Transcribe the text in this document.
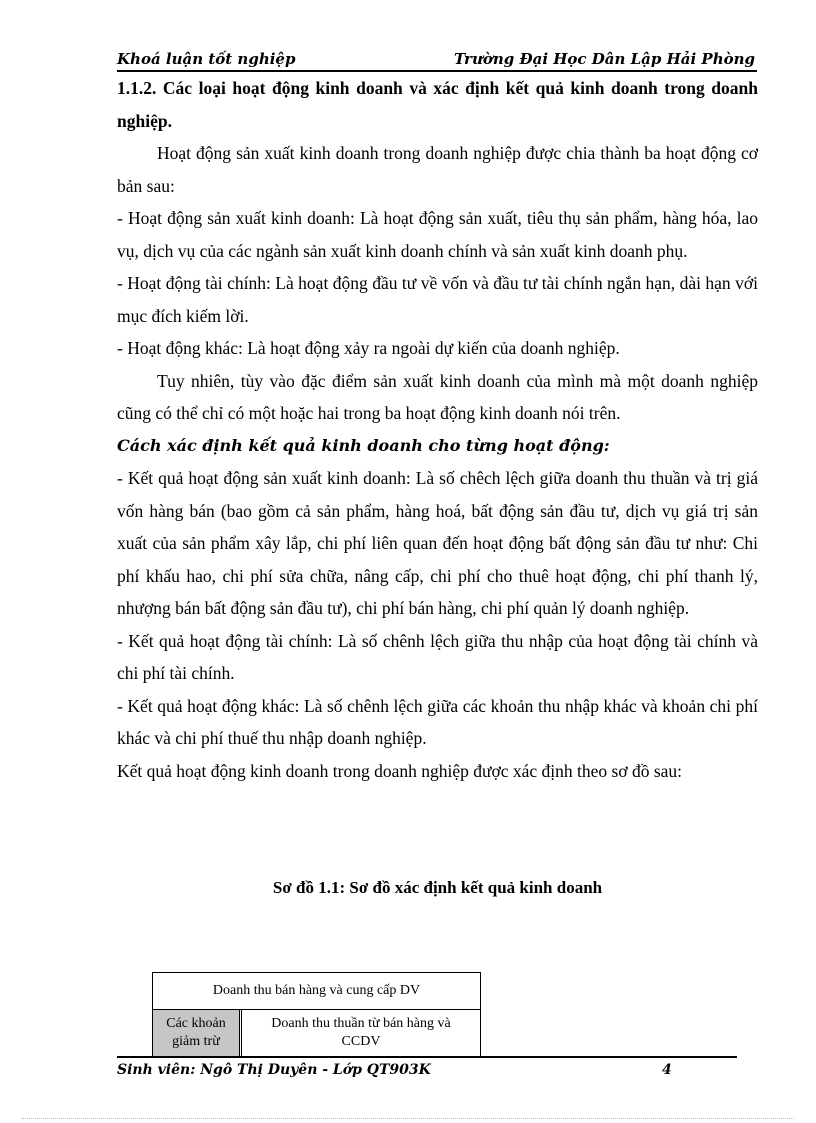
Khoá luận tốt nghiệp	Trường Đại Học Dân Lập Hải Phòng

1.1.2. Các loại hoạt động kinh doanh và xác định kết quả kinh doanh trong doanh nghiệp.

Hoạt động sản xuất kinh doanh trong doanh nghiệp được chia thành ba hoạt động cơ bản sau:

- Hoạt động sản xuất kinh doanh: Là hoạt động sản xuất, tiêu thụ sản phẩm, hàng hóa, lao vụ, dịch vụ của các ngành sản xuất kinh doanh chính và sản xuất kinh doanh phụ.

- Hoạt động tài chính: Là hoạt động đầu tư về vốn và đầu tư tài chính ngắn hạn, dài hạn với mục đích kiếm lời.

- Hoạt động khác: Là hoạt động xảy ra ngoài dự kiến của doanh nghiệp.

Tuy nhiên, tùy vào đặc điểm sản xuất kinh doanh của mình mà một doanh nghiệp cũng có thể chỉ có một hoặc hai trong ba hoạt động kinh doanh nói trên.

Cách xác định kết quả kinh doanh cho từng hoạt động:

- Kết quả hoạt động sản xuất kinh doanh: Là số chêch lệch giữa doanh thu thuần và trị giá vốn hàng bán (bao gồm cả sản phẩm, hàng hoá, bất động sản đầu tư, dịch vụ giá trị sản xuất của sản phẩm xây lắp, chi phí liên quan đến hoạt động bất động sản đầu tư như: Chi phí khấu hao, chi phí sửa chữa, nâng cấp, chi phí cho thuê hoạt động, chi phí thanh lý, nhượng bán bất động sản đầu tư), chi phí bán hàng, chi phí quản lý doanh nghiệp.

- Kết quả hoạt động tài chính: Là số chênh lệch giữa thu nhập của hoạt động tài chính và chi phí tài chính.

- Kết quả hoạt động khác: Là số chênh lệch giữa các khoản thu nhập khác và khoản chi phí khác và chi phí thuế thu nhập doanh nghiệp.

Kết quả hoạt động kinh doanh trong doanh nghiệp được xác định theo sơ đồ sau:

Sơ đồ 1.1: Sơ đồ xác định kết quả kinh doanh
Doanh thu bán hàng và cung cấp DV
Các khoản
giảm trừ
Doanh thu thuần từ bán hàng và
CCDV
Sinh viên: Ngô Thị Duyên - Lớp QT903K	4
